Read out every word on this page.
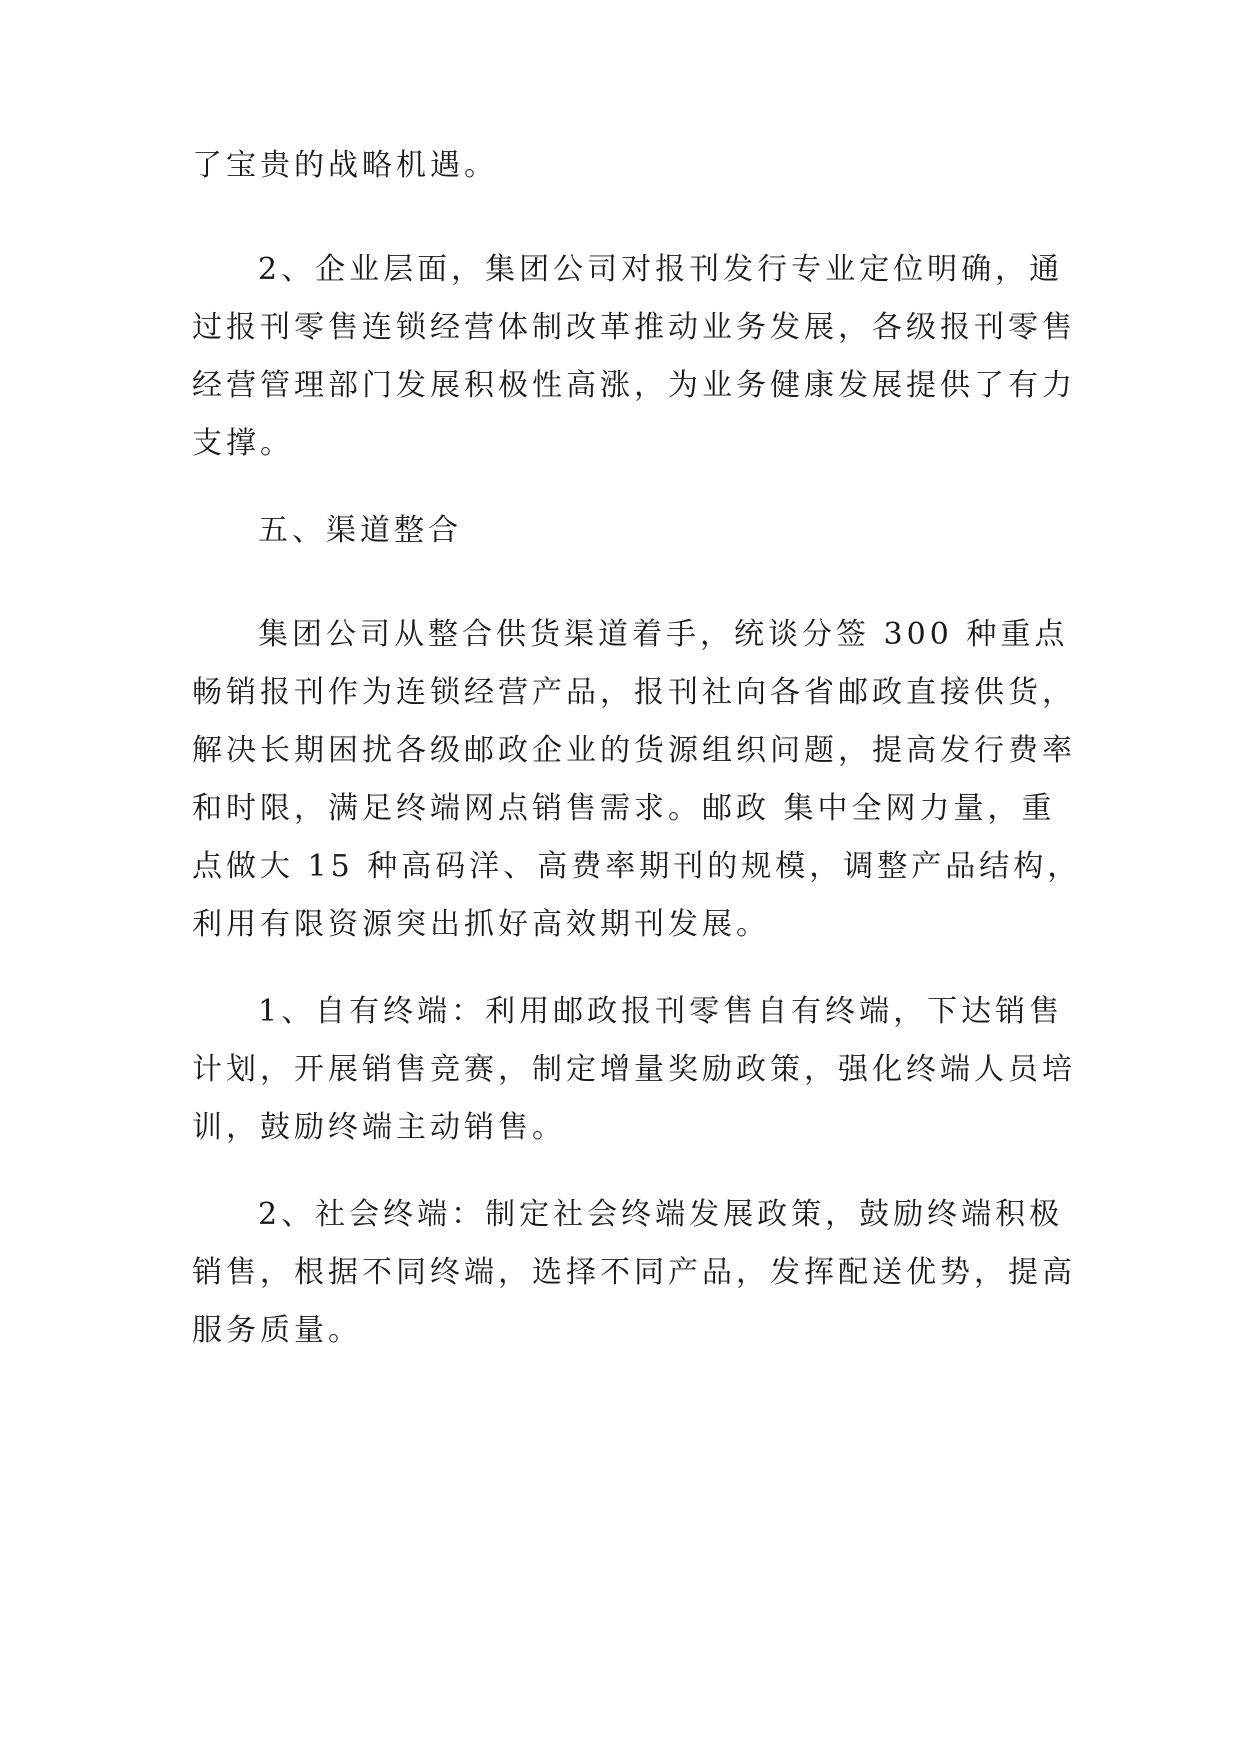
了宝贵的战略机遇。
2、企业层面，集团公司对报刊发行专业定位明确，通
过报刊零售连锁经营体制改革推动业务发展，各级报刊零售
经营管理部门发展积极性高涨，为业务健康发展提供了有力
支撑。
五、渠道整合
集团公司从整合供货渠道着手，统谈分签 300 种重点
畅销报刊作为连锁经营产品，报刊社向各省邮政直接供货，
解决长期困扰各级邮政企业的货源组织问题，提高发行费率
和时限，满足终端网点销售需求。邮政 集中全网力量，重
点做大 15 种高码洋、高费率期刊的规模，调整产品结构，
利用有限资源突出抓好高效期刊发展。
1、自有终端：利用邮政报刊零售自有终端，下达销售
计划，开展销售竞赛，制定增量奖励政策，强化终端人员培
训，鼓励终端主动销售。
2、社会终端：制定社会终端发展政策，鼓励终端积极
销售，根据不同终端，选择不同产品，发挥配送优势，提高
服务质量。
